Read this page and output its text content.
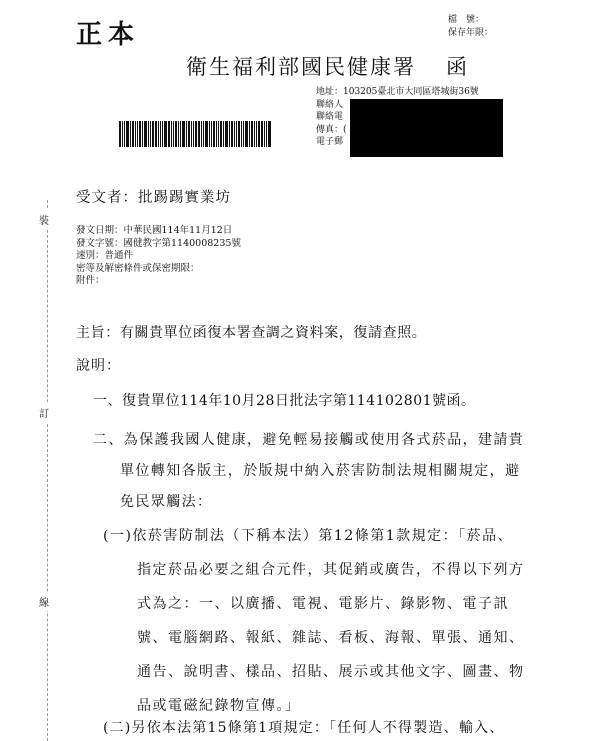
正本	檔　號：
保存年限：
衛生福利部國民健康署 函
地址：103205臺北市大同區塔城街36號
聯絡人
聯絡電
傳真：(
電子郵
受文者：批踢踢實業坊
發文日期：中華民國114年11月12日
發文字號：國健教字第1140008235號
速別：普通件
密等及解密條件或保密期限：
附件：
主旨：有關貴單位函復本署查調之資料案，復請查照。
說明：
一、復貴單位114年10月28日批法字第114102801號函。
二、為保護我國人健康，避免輕易接觸或使用各式菸品，建請貴
單位轉知各版主，於版規中納入菸害防制法規相關規定，避
免民眾觸法：
(一)依菸害防制法（下稱本法）第12條第1款規定：「菸品、
指定菸品必要之組合元件，其促銷或廣告，不得以下列方
式為之：一、以廣播、電視、電影片、錄影物、電子訊
號、電腦網路、報紙、雜誌、看板、海報、單張、通知、
通告、說明書、樣品、招貼、展示或其他文字、圖畫、物
品或電磁紀錄物宣傳。」
(二)另依本法第15條第1項規定：「任何人不得製造、輸入、
裝
訂
線
